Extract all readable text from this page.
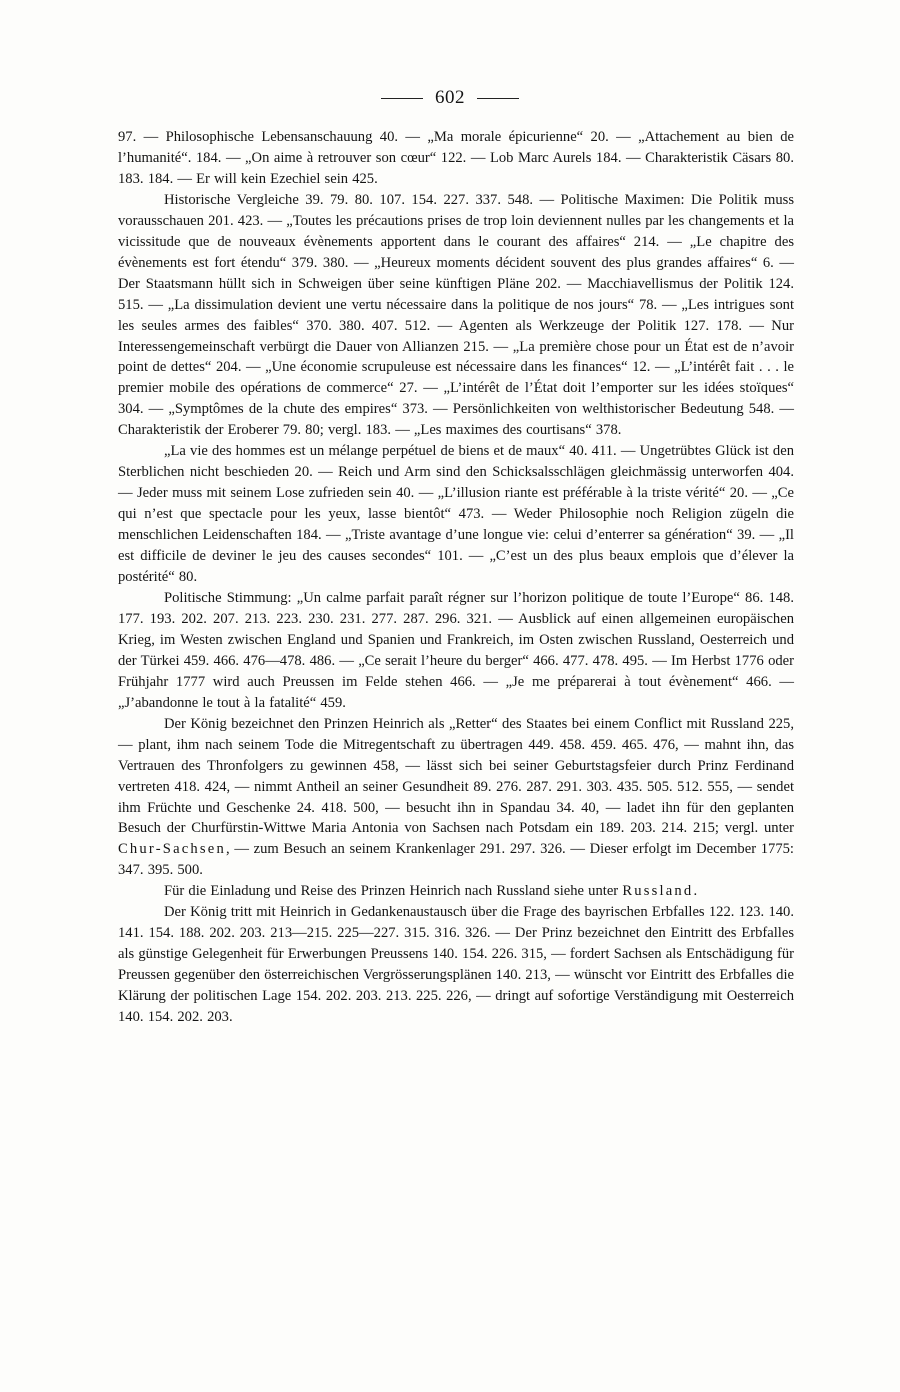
602

97. — Philosophische Lebensanschauung 40. — „Ma morale épicurienne“ 20. — „Attachement au bien de l’humanité“. 184. — „On aime à retrouver son cœur“ 122. — Lob Marc Aurels 184. — Charakteristik Cäsars 80. 183. 184. — Er will kein Ezechiel sein 425.

Historische Vergleiche 39. 79. 80. 107. 154. 227. 337. 548. — Politische Maximen: Die Politik muss vorausschauen 201. 423. — „Toutes les précautions prises de trop loin deviennent nulles par les changements et la vicissitude que de nouveaux évènements apportent dans le courant des affaires“ 214. — „Le chapitre des évènements est fort étendu“ 379. 380. — „Heureux moments décident souvent des plus grandes affaires“ 6. — Der Staatsmann hüllt sich in Schweigen über seine künftigen Pläne 202. — Macchiavellismus der Politik 124. 515. — „La dissimulation devient une vertu nécessaire dans la politique de nos jours“ 78. — „Les intrigues sont les seules armes des faibles“ 370. 380. 407. 512. — Agenten als Werkzeuge der Politik 127. 178. — Nur Interessengemeinschaft verbürgt die Dauer von Allianzen 215. — „La première chose pour un État est de n’avoir point de dettes“ 204. — „Une économie scrupuleuse est nécessaire dans les finances“ 12. — „L’intérêt fait . . . le premier mobile des opérations de commerce“ 27. — „L’intérêt de l’État doit l’emporter sur les idées stoïques“ 304. — „Symptômes de la chute des empires“ 373. — Persönlichkeiten von welthistorischer Bedeutung 548. — Charakteristik der Eroberer 79. 80; vergl. 183. — „Les maximes des courtisans“ 378.

„La vie des hommes est un mélange perpétuel de biens et de maux“ 40. 411. — Ungetrübtes Glück ist den Sterblichen nicht beschieden 20. — Reich und Arm sind den Schicksalsschlägen gleichmässig unterworfen 404. — Jeder muss mit seinem Lose zufrieden sein 40. — „L’illusion riante est préférable à la triste vérité“ 20. — „Ce qui n’est que spectacle pour les yeux, lasse bientôt“ 473. — Weder Philosophie noch Religion zügeln die menschlichen Leidenschaften 184. — „Triste avantage d’une longue vie: celui d’enterrer sa génération“ 39. — „Il est difficile de deviner le jeu des causes secondes“ 101. — „C’est un des plus beaux emplois que d’élever la postérité“ 80.

Politische Stimmung: „Un calme parfait paraît régner sur l’horizon politique de toute l’Europe“ 86. 148. 177. 193. 202. 207. 213. 223. 230. 231. 277. 287. 296. 321. — Ausblick auf einen allgemeinen europäischen Krieg, im Westen zwischen England und Spanien und Frankreich, im Osten zwischen Russland, Oesterreich und der Türkei 459. 466. 476—478. 486. — „Ce serait l’heure du berger“ 466. 477. 478. 495. — Im Herbst 1776 oder Frühjahr 1777 wird auch Preussen im Felde stehen 466. — „Je me préparerai à tout évènement“ 466. — „J’abandonne le tout à la fatalité“ 459.

Der König bezeichnet den Prinzen Heinrich als „Retter“ des Staates bei einem Conflict mit Russland 225, — plant, ihm nach seinem Tode die Mitregentschaft zu übertragen 449. 458. 459. 465. 476, — mahnt ihn, das Vertrauen des Thronfolgers zu gewinnen 458, — lässt sich bei seiner Geburtstagsfeier durch Prinz Ferdinand vertreten 418. 424, — nimmt Antheil an seiner Gesundheit 89. 276. 287. 291. 303. 435. 505. 512. 555, — sendet ihm Früchte und Geschenke 24. 418. 500, — besucht ihn in Spandau 34. 40, — ladet ihn für den geplanten Besuch der Churfürstin-Wittwe Maria Antonia von Sachsen nach Potsdam ein 189. 203. 214. 215; vergl. unter Chur-Sachsen, — zum Besuch an seinem Krankenlager 291. 297. 326. — Dieser erfolgt im December 1775: 347. 395. 500.

Für die Einladung und Reise des Prinzen Heinrich nach Russland siehe unter Russland.

Der König tritt mit Heinrich in Gedankenaustausch über die Frage des bayrischen Erbfalles 122. 123. 140. 141. 154. 188. 202. 203. 213—215. 225—227. 315. 316. 326. — Der Prinz bezeichnet den Eintritt des Erbfalles als günstige Gelegenheit für Erwerbungen Preussens 140. 154. 226. 315, — fordert Sachsen als Entschädigung für Preussen gegenüber den österreichischen Vergrösserungsplänen 140. 213, — wünscht vor Eintritt des Erbfalles die Klärung der politischen Lage 154. 202. 203. 213. 225. 226, — dringt auf sofortige Verständigung mit Oesterreich 140. 154. 202. 203.
